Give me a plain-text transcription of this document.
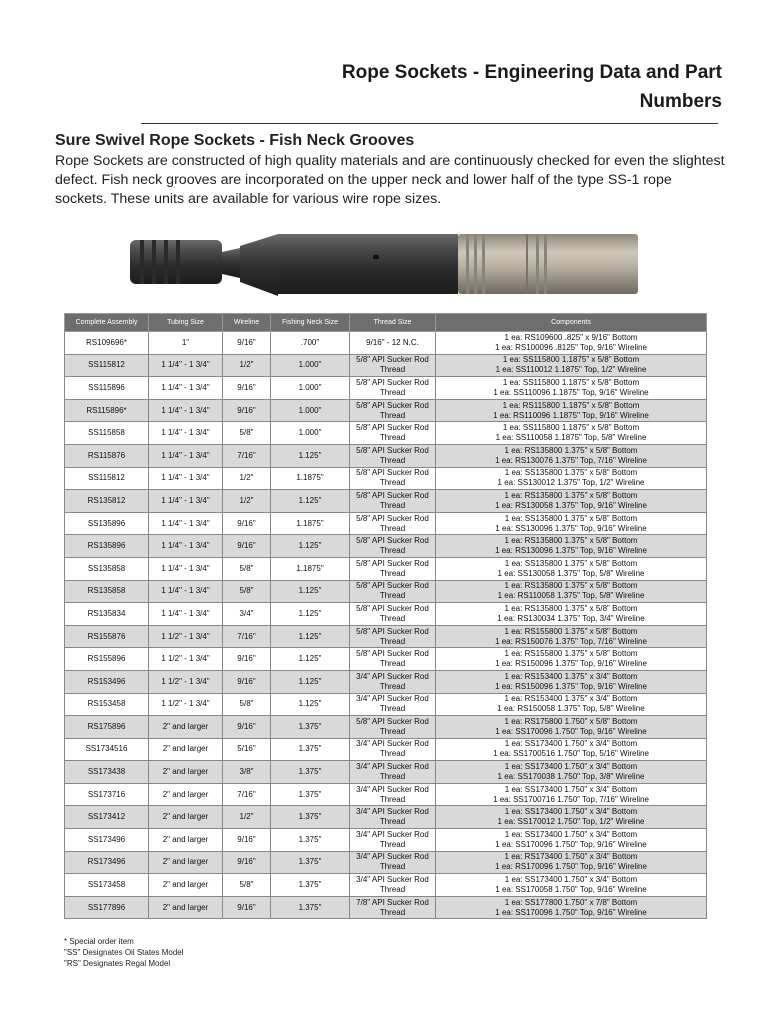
Rope Sockets - Engineering Data and Part
Numbers
Sure Swivel Rope Sockets - Fish Neck Grooves
Rope Sockets are constructed of high quality materials and are continuously checked for even the slightest defect. Fish neck grooves are incorporated on the upper neck and lower half of the type SS-1 rope sockets. These units are available for various wire rope sizes.
Complete Assembly	Tubing Size	Wireline	Fishing Neck Size	Thread Size	Components
RS109696*	1"	9/16"	.700"	9/16" - 12 N.C.	1 ea: RS109600 .825" x 9/16" Bottom
1 ea: RS100096 .8125" Top, 9/16" Wireline

SS115812	1 1/4" - 1 3/4"	1/2"	1.000"	5/8" API Sucker Rod Thread	1 ea: SS115800 1.1875" x 5/8" Bottom
1 ea: SS110012 1.1875" Top, 1/2" Wireline

SS115896	1 1/4" - 1 3/4"	9/16"	1.000"	5/8" API Sucker Rod Thread	1 ea: SS115800 1.1875" x 5/8" Bottom
1 ea: SS110096 1.1875" Top, 9/16" Wireline

RS115896*	1 1/4" - 1 3/4"	9/16"	1.000"	5/8" API Sucker Rod Thread	1 ea: RS115800 1.1875" x 5/8" Bottom
1 ea: RS110096 1.1875" Top, 9/16" Wireline

SS115858	1 1/4" - 1 3/4"	5/8"	1.000"	5/8" API Sucker Rod Thread	1 ea: SS115800 1.1875" x 5/8" Bottom
1 ea: SS110058 1.1875" Top, 5/8" Wireline

RS115876	1 1/4" - 1 3/4"	7/16"	1.125"	5/8" API Sucker Rod Thread	1 ea: RS135800 1.375" x 5/8" Bottom
1 ea: RS130076 1.375" Top, 7/16" Wireline

SS115812	1 1/4" - 1 3/4"	1/2"	1.1875"	5/8" API Sucker Rod Thread	1 ea: SS135800 1.375" x 5/8" Bottom
1 ea: SS130012 1.375" Top, 1/2" Wireline

RS135812	1 1/4" - 1 3/4"	1/2"	1.125"	5/8" API Sucker Rod Thread	1 ea: RS135800 1.375" x 5/8" Bottom
1 ea: RS130058 1.375" Top, 9/16" Wireline

SS135896	1 1/4" - 1 3/4"	9/16"	1.1875"	5/8" API Sucker Rod Thread	1 ea: SS135800 1.375" x 5/8" Bottom
1 ea: SS130096 1.375" Top, 9/16" Wireline

RS135896	1 1/4" - 1 3/4"	9/16"	1.125"	5/8" API Sucker Rod Thread	1 ea: RS135800 1.375" x 5/8" Bottom
1 ea: RS130096 1.375" Top, 9/16" Wireline

SS135858	1 1/4" - 1 3/4"	5/8"	1.1875"	5/8" API Sucker Rod Thread	1 ea: SS135800 1.375" x 5/8" Bottom
1 ea: SS130058 1.375" Top, 5/8" Wireline

RS135858	1 1/4" - 1 3/4"	5/8"	1.125"	5/8" API Sucker Rod Thread	1 ea: RS135800 1.375" x 5/8" Bottom
1 ea: RS110058 1.375" Top, 5/8" Wireline

RS135834	1 1/4" - 1 3/4"	3/4"	1.125"	5/8" API Sucker Rod Thread	1 ea: RS135800 1.375" x 5/8" Bottom
1 ea: RS130034 1.375" Top, 3/4" Wireline

RS155876	1 1/2" - 1 3/4"	7/16"	1.125"	5/8" API Sucker Rod Thread	1 ea: RS155800 1.375" x 5/8" Bottom
1 ea: RS150076 1.375" Top, 7/16" Wireline

RS155896	1 1/2" - 1 3/4"	9/16"	1.125"	5/8" API Sucker Rod Thread	1 ea: RS155800 1.375" x 5/8" Bottom
1 ea: RS150096 1.375" Top, 9/16" Wireline

RS153496	1 1/2" - 1 3/4"	9/16"	1.125"	3/4" API Sucker Rod Thread	1 ea: RS153400 1.375" x 3/4" Bottom
1 ea: RS150096 1.375" Top, 9/16" Wireline

RS153458	1 1/2" - 1 3/4"	5/8"	1.125"	3/4" API Sucker Rod Thread	1 ea: RS153400 1.375" x 3/4" Bottom
1 ea: RS150058 1.375" Top, 5/8" Wireline

RS175896	2" and larger	9/16"	1.375"	5/8" API Sucker Rod Thread	1 ea: RS175800 1.750" x 5/8" Bottom
1 ea: SS170096 1.750" Top, 9/16" Wireline

SS1734516	2" and larger	5/16"	1.375"	3/4" API Sucker Rod Thread	1 ea: SS173400 1.750" x 3/4" Bottom
1 ea: SS1700516 1.750" Top, 5/16" Wireline

SS173438	2" and larger	3/8"	1.375"	3/4" API Sucker Rod Thread	1 ea: SS173400 1.750" x 3/4" Bottom
1 ea: SS170038 1.750" Top, 3/8" Wireline

SS173716	2" and larger	7/16"	1.375"	3/4" API Sucker Rod Thread	1 ea: SS173400 1.750" x 3/4" Bottom
1 ea: SS1700716 1.750" Top, 7/16" Wireline

SS173412	2" and larger	1/2"	1.375"	3/4" API Sucker Rod Thread	1 ea: SS173400 1.750" x 3/4" Bottom
1 ea: SS170012 1.750" Top, 1/2" Wireline

SS173496	2" and larger	9/16"	1.375"	3/4" API Sucker Rod Thread	1 ea: SS173400 1.750" x 3/4" Bottom
1 ea: SS170096 1.750" Top, 9/16" Wireline

RS173496	2" and larger	9/16"	1.375"	3/4" API Sucker Rod Thread	1 ea: RS173400 1.750" x 3/4" Bottom
1 ea: RS170096 1.750" Top, 9/16" Wireline

SS173458	2" and larger	5/8"	1.375"	3/4" API Sucker Rod Thread	1 ea: SS173400 1.750" x 3/4" Bottom
1 ea: SS170058 1.750" Top, 9/16" Wireline

SS177896	2" and larger	9/16"	1.375"	7/8" API Sucker Rod Thread	1 ea: SS177800 1.750" x 7/8" Bottom
1 ea: SS170096 1.750" Top, 9/16" Wireline
* Special order item
"SS" Designates Oil States Model
"RS" Designates Regal Model
